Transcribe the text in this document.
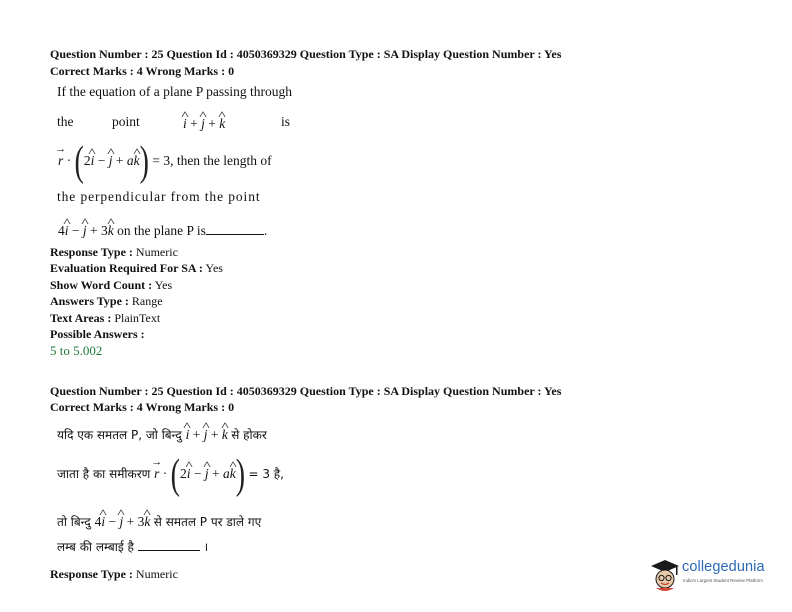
Question Number : 25 Question Id : 4050369329 Question Type : SA Display Question Number : Yes
Correct Marks : 4 Wrong Marks : 0
If the equation of a plane P passing through
the	point	^ i + ^ j + ^ k	is
→ r · (2^ i − ^ j + a^ k) = 3, then the length of
the perpendicular from the point
4^ i − ^ j + 3^ k on the plane P is	.
Response Type : Numeric
Evaluation Required For SA : Yes
Show Word Count : Yes
Answers Type : Range
Text Areas : PlainText
Possible Answers :
5 to 5.002
Question Number : 25 Question Id : 4050369329 Question Type : SA Display Question Number : Yes
Correct Marks : 4 Wrong Marks : 0
यदि एक समतल P, जो बिन्दु ^ i + ^ j + ^ k से होकर
जाता है का समीकरण → r · (2^ i − ^ j + a^ k) = 3 है,
तो बिन्दु 4^ i − ^ j + 3^ k से समतल P पर डाले गए
लम्ब की लम्बाई है	।
Response Type : Numeric	collegedunia
India's Largest Student Review Platform
